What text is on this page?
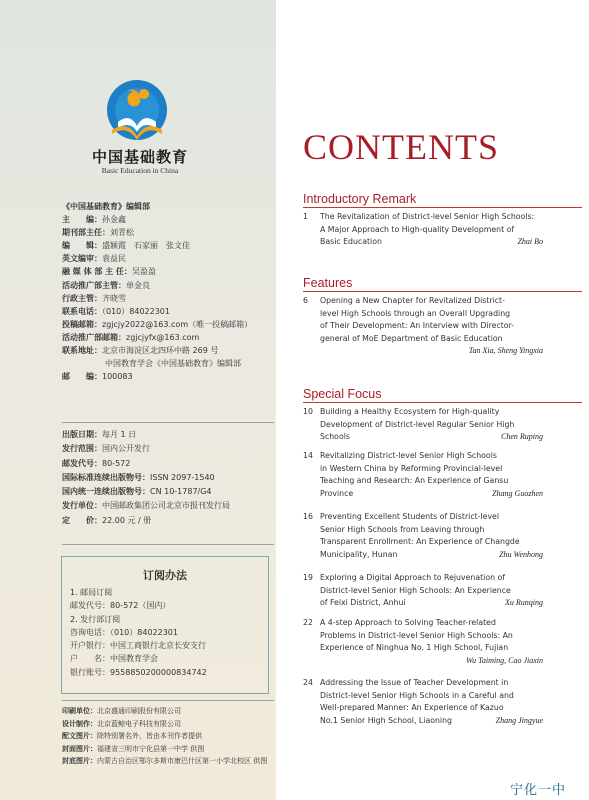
中国基础教育
Basic Education in China
《中国基础教育》编辑部
主　　编：孙金鑫
期刊部主任：刘青松
编　　辑：盛颖霞　石家丽　张文佳
英文编审：袁益民
融 媒 体 部 主 任：吴盈盈
活动推广部主管：单金良
行政主管：齐晓雪
联系电话：（010）84022301
投稿邮箱：zgjcjy2022@163.com（唯一投稿邮箱）
活动推广部邮箱：zgjcjyfx@163.com
联系地址：北京市海淀区北四环中路 269 号
中国教育学会《中国基础教育》编辑部
邮　　编：100083
出版日期：每月 1 日
发行范围：国内公开发行
邮发代号：80-572
国际标准连续出版物号：ISSN 2097-1540
国内统一连续出版物号：CN 10-1787/G4
发行单位：中国邮政集团公司北京市报刊发行局
定　　价：22.00 元 / 册
订阅办法
1. 邮局订阅
邮发代号：80-572（国内）
2. 发行部订阅
咨询电话：（010）84022301
开户银行：中国工商银行北京长安支行
户　　名：中国教育学会
银行账号：9558850200000834742
印刷单位：北京盛通印刷股份有限公司
设计制作：北京蓝鲸电子科技有限公司
配文图片：除特别署名外，皆由本刊作者提供
封面图片：福建省三明市宁化县第一中学 供图
封底图片：内蒙古自治区鄂尔多斯市康巴什区第一小学北校区 供图
CONTENTS
Introductory Remark
1	The Revitalization of District-level Senior High Schools:
A Major Approach to High-quality Development of
Basic Education	Zhai Bo
Features
6	Opening a New Chapter for Revitalized District-
level High Schools through an Overall Upgrading
of Their Development: An Interview with Director-
general of MoE Department of Basic Education
Tan Xia, Sheng Yingxia
Special Focus
10 Building a Healthy Ecosystem for High-quality
Development of District-level Regular Senior High
Schools	Chen Ruping
14 Revitalizing District-level Senior High Schools
in Western China by Reforming Provincial-level
Teaching and Research: An Experience of Gansu
Province	Zhang Guozhen
16 Preventing Excellent Students of District-level
Senior High Schools from Leaving through
Transparent Enrollment: An Experience of Changde
Municipality, Hunan	Zhu Wenhong
19 Exploring a Digital Approach to Rejuvenation of
District-level Senior High Schools: An Experience
of Feixi District, Anhui	Xu Runqing
22 A 4-step Approach to Solving Teacher-related
Problems in District-level Senior High Schools: An
Experience of Ninghua No. 1 High School, Fujian
Wu Taiming, Cao Jiaxin
24 Addressing the Issue of Teacher Development in
District-level Senior High Schools in a Careful and
Well-prepared Manner: An Experience of Kazuo
No.1 Senior High School, Liaoning	Zhang Jingyue
宁化一中
